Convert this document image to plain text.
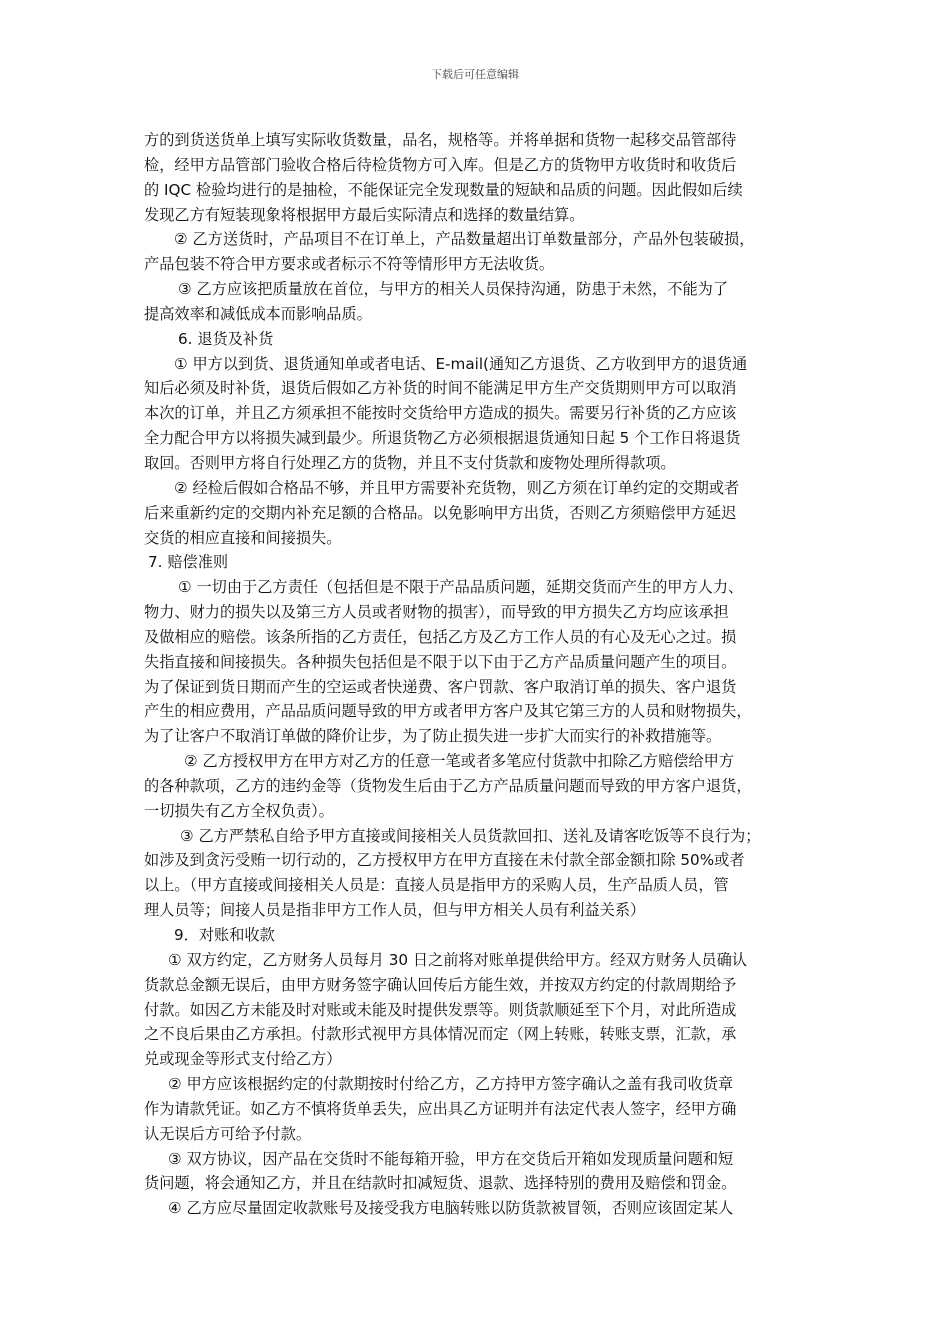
下载后可任意编辑
方的到货送货单上填写实际收货数量，品名，规格等。并将单据和货物一起移交品管部待
检，经甲方品管部门验收合格后待检货物方可入库。但是乙方的货物甲方收货时和收货后
的 IQC 检验均进行的是抽检，不能保证完全发现数量的短缺和品质的问题。因此假如后续
发现乙方有短装现象将根据甲方最后实际清点和选择的数量结算。
② 乙方送货时，产品项目不在订单上，产品数量超出订单数量部分，产品外包装破损，
产品包装不符合甲方要求或者标示不符等情形甲方无法收货。
③ 乙方应该把质量放在首位，与甲方的相关人员保持沟通，防患于未然，不能为了
提高效率和减低成本而影响品质。
6. 退货及补货
① 甲方以到货、退货通知单或者电话、E-mail(通知乙方退货、乙方收到甲方的退货通
知后必须及时补货，退货后假如乙方补货的时间不能满足甲方生产交货期则甲方可以取消
本次的订单，并且乙方须承担不能按时交货给甲方造成的损失。需要另行补货的乙方应该
全力配合甲方以将损失减到最少。所退货物乙方必须根据退货通知日起 5 个工作日将退货
取回。否则甲方将自行处理乙方的货物，并且不支付货款和废物处理所得款项。
② 经检后假如合格品不够，并且甲方需要补充货物，则乙方须在订单约定的交期或者
后来重新约定的交期内补充足额的合格品。以免影响甲方出货，否则乙方须赔偿甲方延迟
交货的相应直接和间接损失。
7. 赔偿准则
① 一切由于乙方责任（包括但是不限于产品品质问题，延期交货而产生的甲方人力、
物力、财力的损失以及第三方人员或者财物的损害），而导致的甲方损失乙方均应该承担
及做相应的赔偿。该条所指的乙方责任，包括乙方及乙方工作人员的有心及无心之过。损
失指直接和间接损失。各种损失包括但是不限于以下由于乙方产品质量问题产生的项目。
为了保证到货日期而产生的空运或者快递费、客户罚款、客户取消订单的损失、客户退货
产生的相应费用，产品品质问题导致的甲方或者甲方客户及其它第三方的人员和财物损失，
为了让客户不取消订单做的降价让步，为了防止损失进一步扩大而实行的补救措施等。
② 乙方授权甲方在甲方对乙方的任意一笔或者多笔应付货款中扣除乙方赔偿给甲方
的各种款项，乙方的违约金等（货物发生后由于乙方产品质量问题而导致的甲方客户退货，
一切损失有乙方全权负责）。
③ 乙方严禁私自给予甲方直接或间接相关人员货款回扣、送礼及请客吃饭等不良行为；
如涉及到贪污受贿一切行动的，乙方授权甲方在甲方直接在未付款全部金额扣除 50%或者
以上。（甲方直接或间接相关人员是：直接人员是指甲方的采购人员，生产品质人员，管
理人员等；间接人员是指非甲方工作人员，但与甲方相关人员有利益关系）
9．对账和收款
① 双方约定，乙方财务人员每月 30 日之前将对账单提供给甲方。经双方财务人员确认
货款总金额无误后，由甲方财务签字确认回传后方能生效，并按双方约定的付款周期给予
付款。如因乙方未能及时对账或未能及时提供发票等。则货款顺延至下个月，对此所造成
之不良后果由乙方承担。付款形式视甲方具体情况而定（网上转账，转账支票，汇款，承
兑或现金等形式支付给乙方）
② 甲方应该根据约定的付款期按时付给乙方，乙方持甲方签字确认之盖有我司收货章
作为请款凭证。如乙方不慎将货单丢失，应出具乙方证明并有法定代表人签字，经甲方确
认无误后方可给予付款。
③ 双方协议，因产品在交货时不能每箱开验，甲方在交货后开箱如发现质量问题和短
货问题，将会通知乙方，并且在结款时扣减短货、退款、选择特别的费用及赔偿和罚金。
④ 乙方应尽量固定收款账号及接受我方电脑转账以防货款被冒领，否则应该固定某人
